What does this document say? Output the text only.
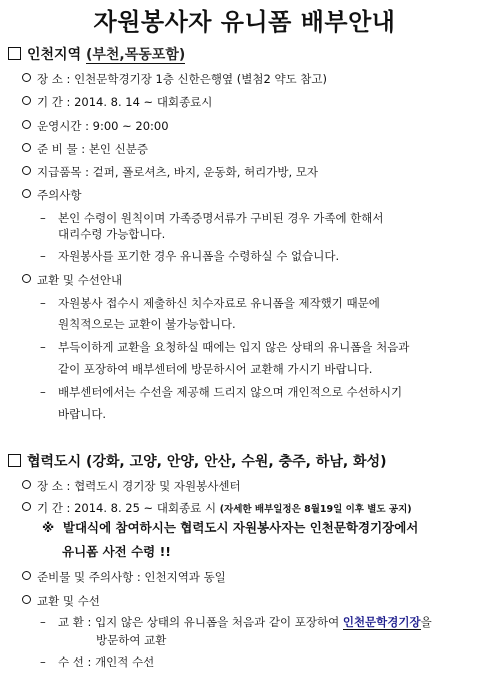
자원봉사자 유니폼 배부안내
인천지역 (부천,목동포함)
장 소 : 인천문학경기장 1층 신한은행옆 (별첨2 약도 참고)
기 간 : 2014. 8. 14 ~ 대회종료시
운영시간 : 9:00 ~ 20:00
준 비 물 : 본인 신분증
지급품목 : 겉퍼, 폴로셔츠, 바지, 운동화, 허리가방, 모자
주의사항
– 본인 수령이 원칙이며 가족증명서류가 구비된 경우 가족에 한해서
대리수령 가능합니다.
– 자원봉사를 포기한 경우 유니폼을 수령하실 수 없습니다.
교환 및 수선안내
– 자원봉사 접수시 제출하신 치수자료로 유니폼을 제작했기 때문에
원칙적으로는 교환이 불가능합니다.
– 부득이하게 교환을 요청하실 때에는 입지 않은 상태의 유니폼을 처음과
같이 포장하여 배부센터에 방문하시어 교환해 가시기 바랍니다.
– 배부센터에서는 수선을 제공해 드리지 않으며 개인적으로 수선하시기
바랍니다.
협력도시 (강화, 고양, 안양, 안산, 수원, 충주, 하남, 화성)
장 소 : 협력도시 경기장 및 자원봉사센터
기 간 : 2014. 8. 25 ~ 대회종료 시 (자세한 배부일정은 8월19일 이후 별도 공지)
※ 발대식에 참여하시는 협력도시 자원봉사자는 인천문학경기장에서
유니폼 사전 수령 !!
준비물 및 주의사항 : 인천지역과 동일
교환 및 수선
– 교 환 : 입지 않은 상태의 유니폼을 처음과 같이 포장하여 인천문학경기장을
방문하여 교환
– 수 선 : 개인적 수선
